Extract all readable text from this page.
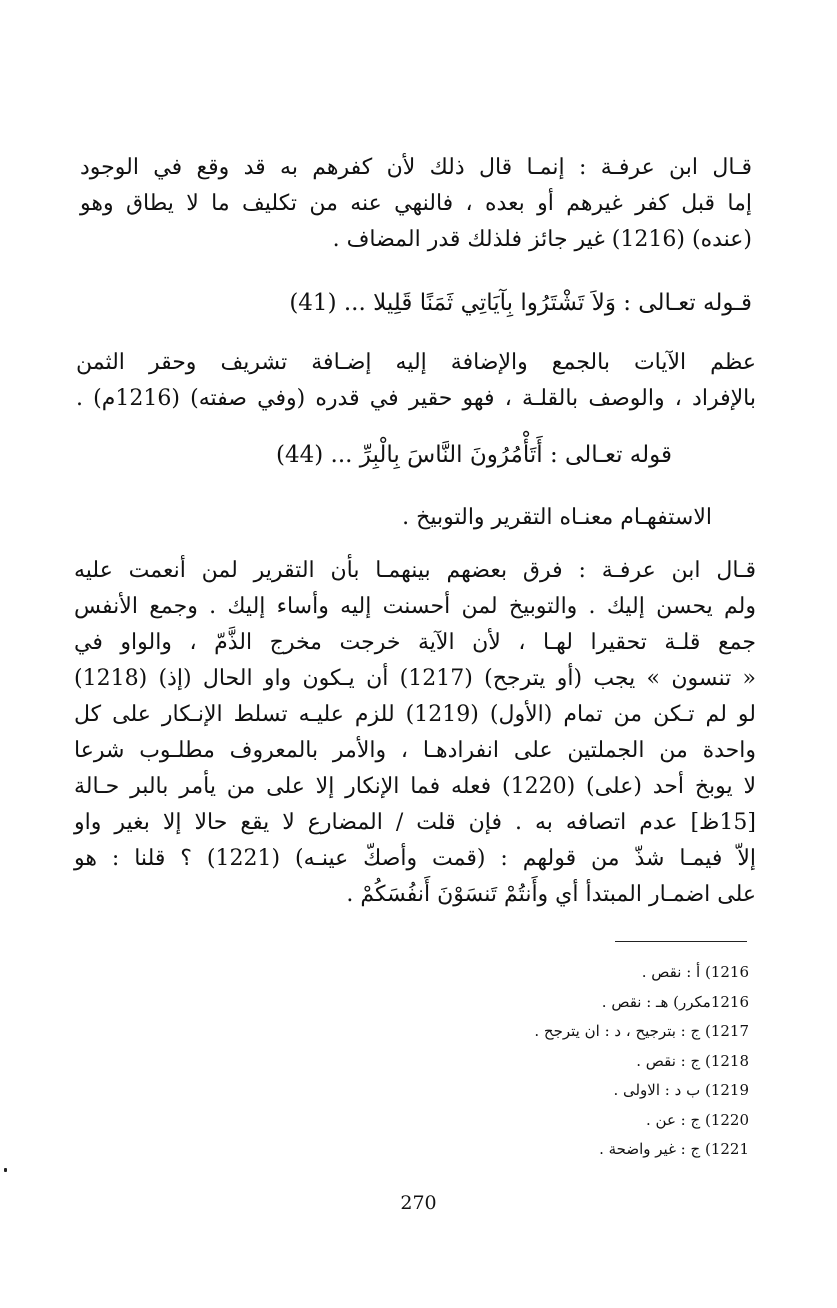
قـال ابن عرفـة : إنمـا قال ذلك لأن كفرهم به قد وقع في الوجود
إما قبل كفر غيرهم أو بعده ، فالنهي عنه من تكليف ما لا يطاق وهو
(عنده) (1216) غير جائز فلذلك قدر المضاف .
قـوله تعـالى : وَلاَ تَشْتَرُوا بِآيَاتِي ثَمَنًا قَلِيلا ... (41)
عظم الآيات بالجمع والإضافة إليه إضـافة تشريف وحقر الثمن
بالإفراد ، والوصف بالقلـة ، فهو حقير في قدره (وفي صفته) (1216م) .
قوله تعـالى : أَتَأْمُرُونَ النَّاسَ بِالْبِرِّ ... (44)
الاستفهـام معنـاه التقرير والتوبيخ .
قـال ابن عرفـة : فرق بعضهم بينهمـا بأن التقرير لمن أنعمت عليه
ولم يحسن إليك . والتوبيخ لمن أحسنت إليه وأساء إليك . وجمع الأنفس
جمع قلـة تحقيرا لهـا ، لأن الآية خرجت مخرج الذَّمّ ، والواو في
« تنسون » يجب (أو يترجح) (1217) أن يـكون واو الحال (إذ) (1218)
لو لم تـكن من تمام (الأول) (1219) للزم عليـه تسلط الإنـكار على كل
واحدة من الجملتين على انفرادهـا ، والأمر بالمعروف مطلـوب شرعا
لا يوبخ أحد (على) (1220) فعله فما الإنكار إلا على من يأمر بالبر حـالة
[15ظ] عدم اتصافه به . فإن قلت / المضارع لا يقع حالا إلا بغير واو
إلاّ فيمـا شذّ من قولهم : (قمت وأصكّ عينـه) (1221) ؟ قلنا : هو
على اضمـار المبتدأ أي وأَنتُمْ تَنسَوْنَ أَنفُسَكُمْ .
1216) أ : نقص .
1216مكرر) هـ : نقص .
1217) ج : بترجيح ، د : ان يترجح .
1218) ج : نقص .
1219) ب د : الاولى .
1220) ج : عن .
1221) ج : غير واضحة .
270
